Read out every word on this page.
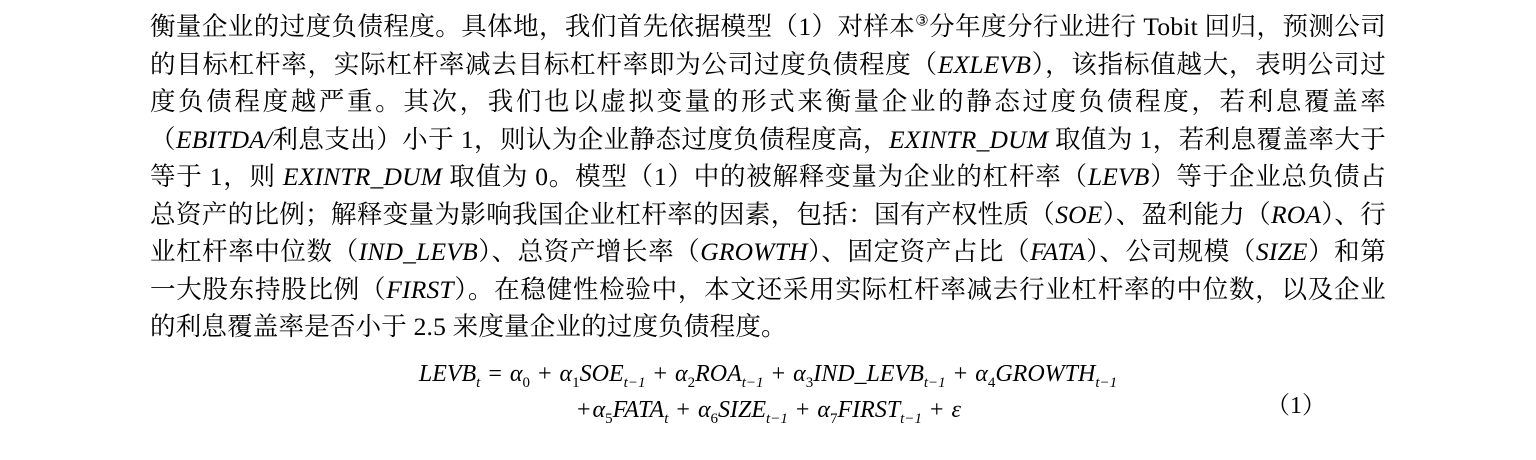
衡量企业的过度负债程度。具体地，我们首先依据模型（1）对样本③分年度分行业进行 Tobit 回归，预测公司的目标杠杆率，实际杠杆率减去目标杠杆率即为公司过度负债程度（EXLEVB），该指标值越大，表明公司过度负债程度越严重。其次，我们也以虚拟变量的形式来衡量企业的静态过度负债程度，若利息覆盖率（EBITDA/利息支出）小于 1，则认为企业静态过度负债程度高，EXINTR_DUM 取值为 1，若利息覆盖率大于等于 1，则 EXINTR_DUM 取值为 0。模型（1）中的被解释变量为企业的杠杆率（LEVB）等于企业总负债占总资产的比例；解释变量为影响我国企业杠杆率的因素，包括：国有产权性质（SOE）、盈利能力（ROA）、行业杠杆率中位数（IND_LEVB）、总资产增长率（GROWTH）、固定资产占比（FATA）、公司规模（SIZE）和第一大股东持股比例（FIRST）。在稳健性检验中，本文还采用实际杠杆率减去行业杠杆率的中位数，以及企业的利息覆盖率是否小于 2.5 来度量企业的过度负债程度。

$LEVB_t = \alpha_0 + \alpha_1SOE_{t-1} + \alpha_2ROA_{t-1}$ + $\alpha_3IND\_LEVB_{t-1}$ + $\alpha_4GROWTH_{t-1}$
$+\alpha_5FATA_t$ + $\alpha_6SIZE_{t-1}$ + $\alpha_7FIRST_{t-1} + \varepsilon$	（1）
